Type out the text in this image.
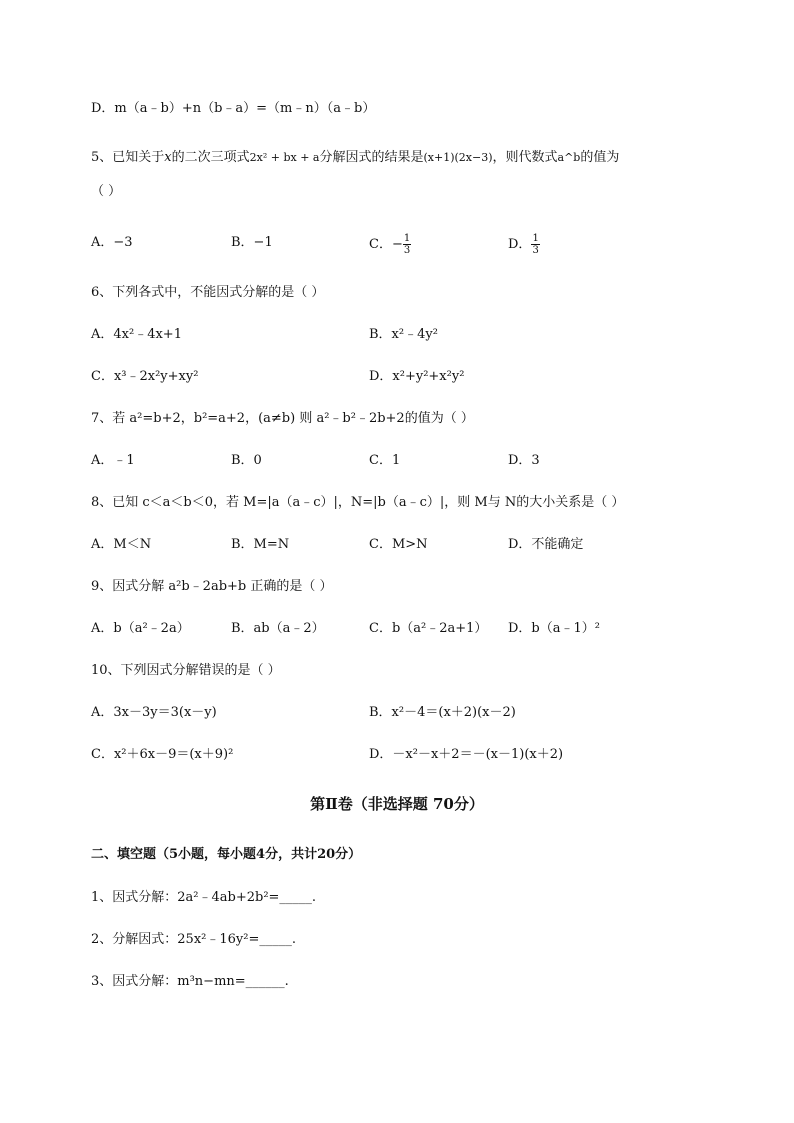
D．m（a﹣b）+n（b﹣a）=（m﹣n）（a﹣b）
5、已知关于x的二次三项式2x² + bx + a分解因式的结果是(x+1)(2x−3)，则代数式a^b的值为
（ ）
A．−3	B．−1	C．− $\frac{1}{3}$	D． $\frac{1}{3}$
6、下列各式中，不能因式分解的是（ ）
A．4x²﹣4x+1	B．x²﹣4y²
C．x³﹣2x²y+xy²	D．x²+y²+x²y²
7、若 a²=b+2，b²=a+2，(a≠b) 则 a²﹣b²﹣2b+2的值为（ ）
A．﹣1	B．0	C．1	D．3
8、已知 c＜a＜b＜0，若 M=|a（a﹣c）|，N=|b（a﹣c）|，则 M与 N的大小关系是（ ）
A．M＜N	B．M=N	C．M>N	D．不能确定
9、因式分解 a²b﹣2ab+b 正确的是（ ）
A．b（a²﹣2a）	B．ab（a﹣2）	C．b（a²﹣2a+1） D．b（a﹣1）²
10、下列因式分解错误的是（ ）
A．3x－3y＝3(x－y)	B．x²－4＝(x＋2)(x－2)
C．x²＋6x－9＝(x＋9)²	D．－x²－x＋2＝－(x－1)(x＋2)
第Ⅱ卷（非选择题 70分）
二、填空题（5小题，每小题4分，共计20分）
1、因式分解：2a²﹣4ab+2b²=_____.
2、分解因式：25x²﹣16y²=_____.
3、因式分解：m³n−mn=______.
